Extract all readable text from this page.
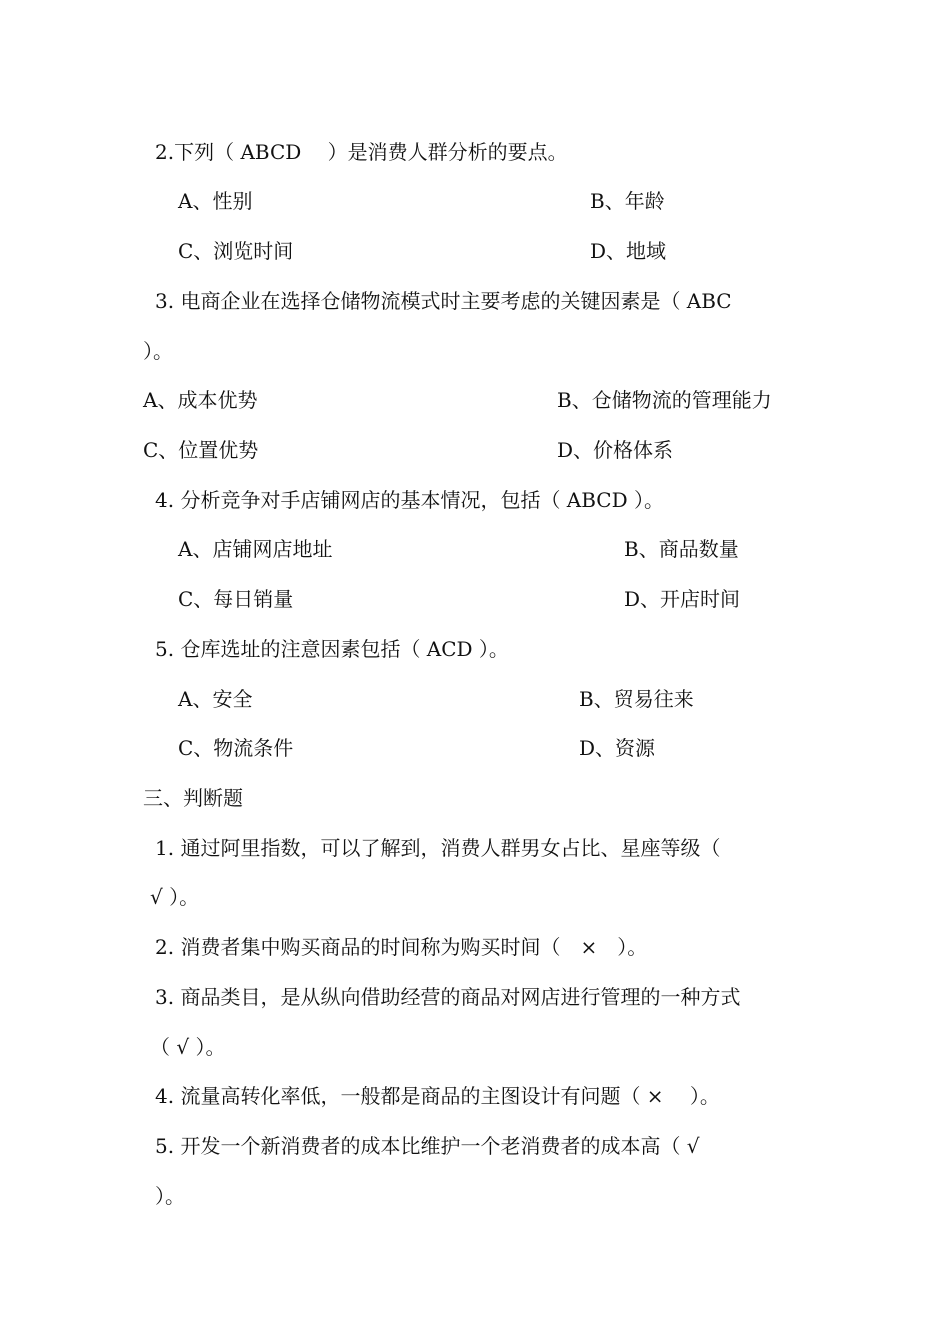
2.下列（ ABCD　 ）是消费人群分析的要点。
A、性别	B、年龄
C、浏览时间	D、地域
3. 电商企业在选择仓储物流模式时主要考虑的关键因素是（ ABC
）。
A、成本优势	B、仓储物流的管理能力
C、位置优势	D、价格体系
4. 分析竞争对手店铺网店的基本情况，包括（ ABCD ）。
A、店铺网店地址	B、商品数量
C、每日销量	D、开店时间
5. 仓库选址的注意因素包括（ ACD ）。
A、安全	B、贸易往来
C、物流条件	D、资源
三、判断题
1. 通过阿里指数，可以了解到，消费人群男女占比、星座等级（
√ ）。
2. 消费者集中购买商品的时间称为购买时间（　×　）。
3. 商品类目，是从纵向借助经营的商品对网店进行管理的一种方式
（ √ ）。
4. 流量高转化率低，一般都是商品的主图设计有问题（ ×　 ）。
5. 开发一个新消费者的成本比维护一个老消费者的成本高（ √
）。
